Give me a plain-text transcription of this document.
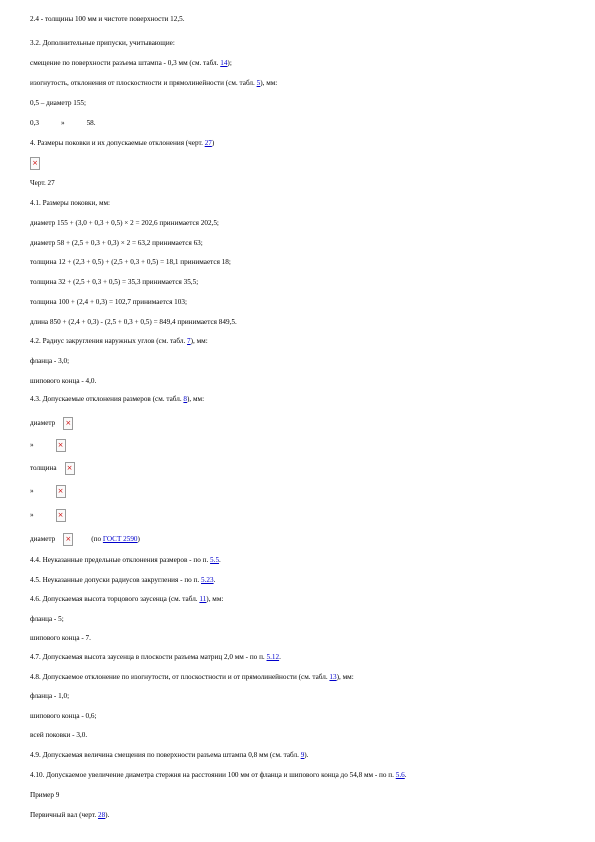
2.4 - толщины 100 мм и чистоте поверхности 12,5.
3.2. Дополнительные припуски, учитывающие:
смещение по поверхности разъема штампа - 0,3 мм (см. табл. 14);
изогнутость, отклонения от плоскостности и прямолинейности (см. табл. 5), мм:
0,5 – диаметр 155;
0,3	»	58.
4. Размеры поковки и их допускаемые отклонения (черт. 27)
×
Черт. 27
4.1. Размеры поковки, мм:
диаметр 155 + (3,0 + 0,3 + 0,5) × 2 = 202,6 принимается 202,5;
диаметр 58 + (2,5 + 0,3 + 0,3) × 2 = 63,2 принимается 63;
толщина 12 + (2,3 + 0,5) + (2,5 + 0,3 + 0,5) = 18,1 принимается 18;
толщина 32 + (2,5 + 0,3 + 0,5) = 35,3 принимается 35,5;
толщина 100 + (2,4 + 0,3) = 102,7 принимается 103;
длина 850 + (2,4 + 0,3) - (2,5 + 0,3 + 0,5) = 849,4 принимается 849,5.
4.2. Радиус закругления наружных углов (см. табл. 7), мм:
фланца - 3,0;
шипового конца - 4,0.
4.3. Допускаемые отклонения размеров (см. табл. 8), мм:
диаметр×
»×
толщина×
»×
»×
диаметр×	(по ГОСТ 2590)
4.4. Неуказанные предельные отклонения размеров - по п. 5.5.
4.5. Неуказанные допуски радиусов закругления - по п. 5.23.
4.6. Допускаемая высота торцового заусенца (см. табл. 11), мм:
фланца - 5;
шипового конца - 7.
4.7. Допускаемая высота заусенца в плоскости разъема матриц 2,0 мм - по п. 5.12.
4.8. Допускаемое отклонение по изогнутости, от плоскостности и от прямолинейности (см. табл. 13), мм:
фланца - 1,0;
шипового конца - 0,6;
всей поковки - 3,0.
4.9. Допускаемая величина смещения по поверхности разъема штампа 0,8 мм (см. табл. 9).
4.10. Допускаемое увеличение диаметра стержня на расстоянии 100 мм от фланца и шипового конца до 54,8 мм - по п. 5.6.
Пример 9
Первичный вал (черт. 28).
